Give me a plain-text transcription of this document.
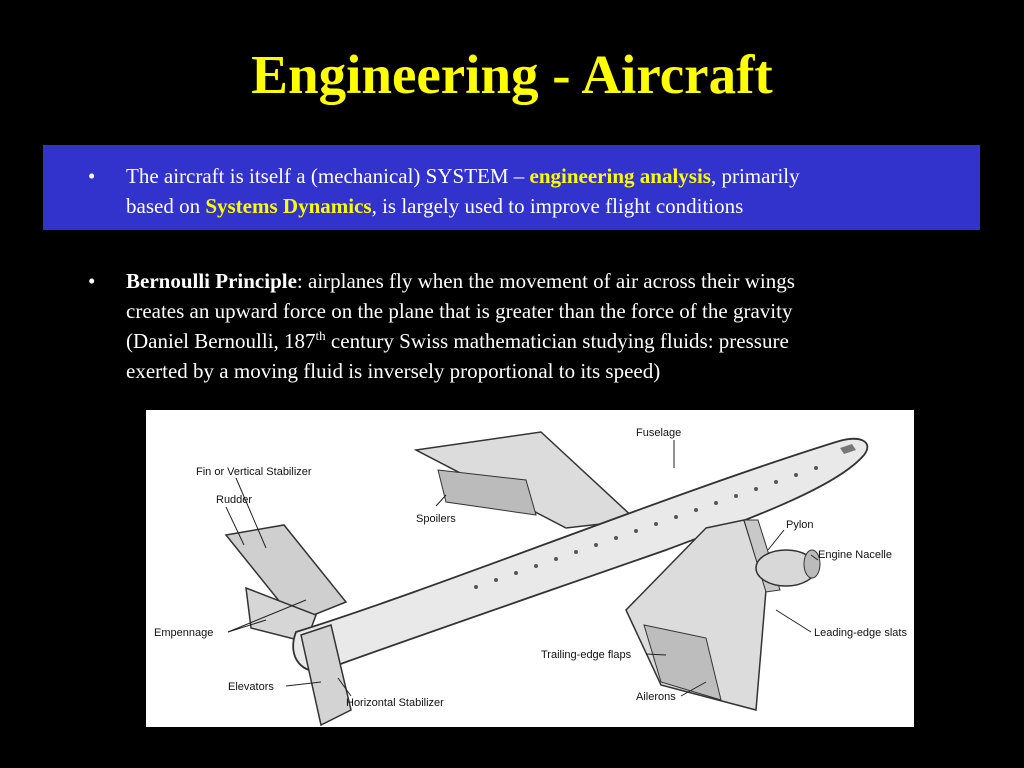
Engineering - Aircraft
• The aircraft is itself a (mechanical) SYSTEM – engineering analysis, primarily
based on Systems Dynamics, is largely used to improve flight conditions
• Bernoulli Principle: airplanes fly when the movement of air across their wings
creates an upward force on the plane that is greater than the force of the gravity
(Daniel Bernoulli, 187th century Swiss mathematician studying fluids: pressure
exerted by a moving fluid is inversely proportional to its speed)
Fin or Vertical Stabilizer
Rudder
Spoilers
Fuselage
Pylon
Engine Nacelle
Leading-edge slats
Trailing-edge flaps
Ailerons
Empennage
Elevators
Horizontal Stabilizer
